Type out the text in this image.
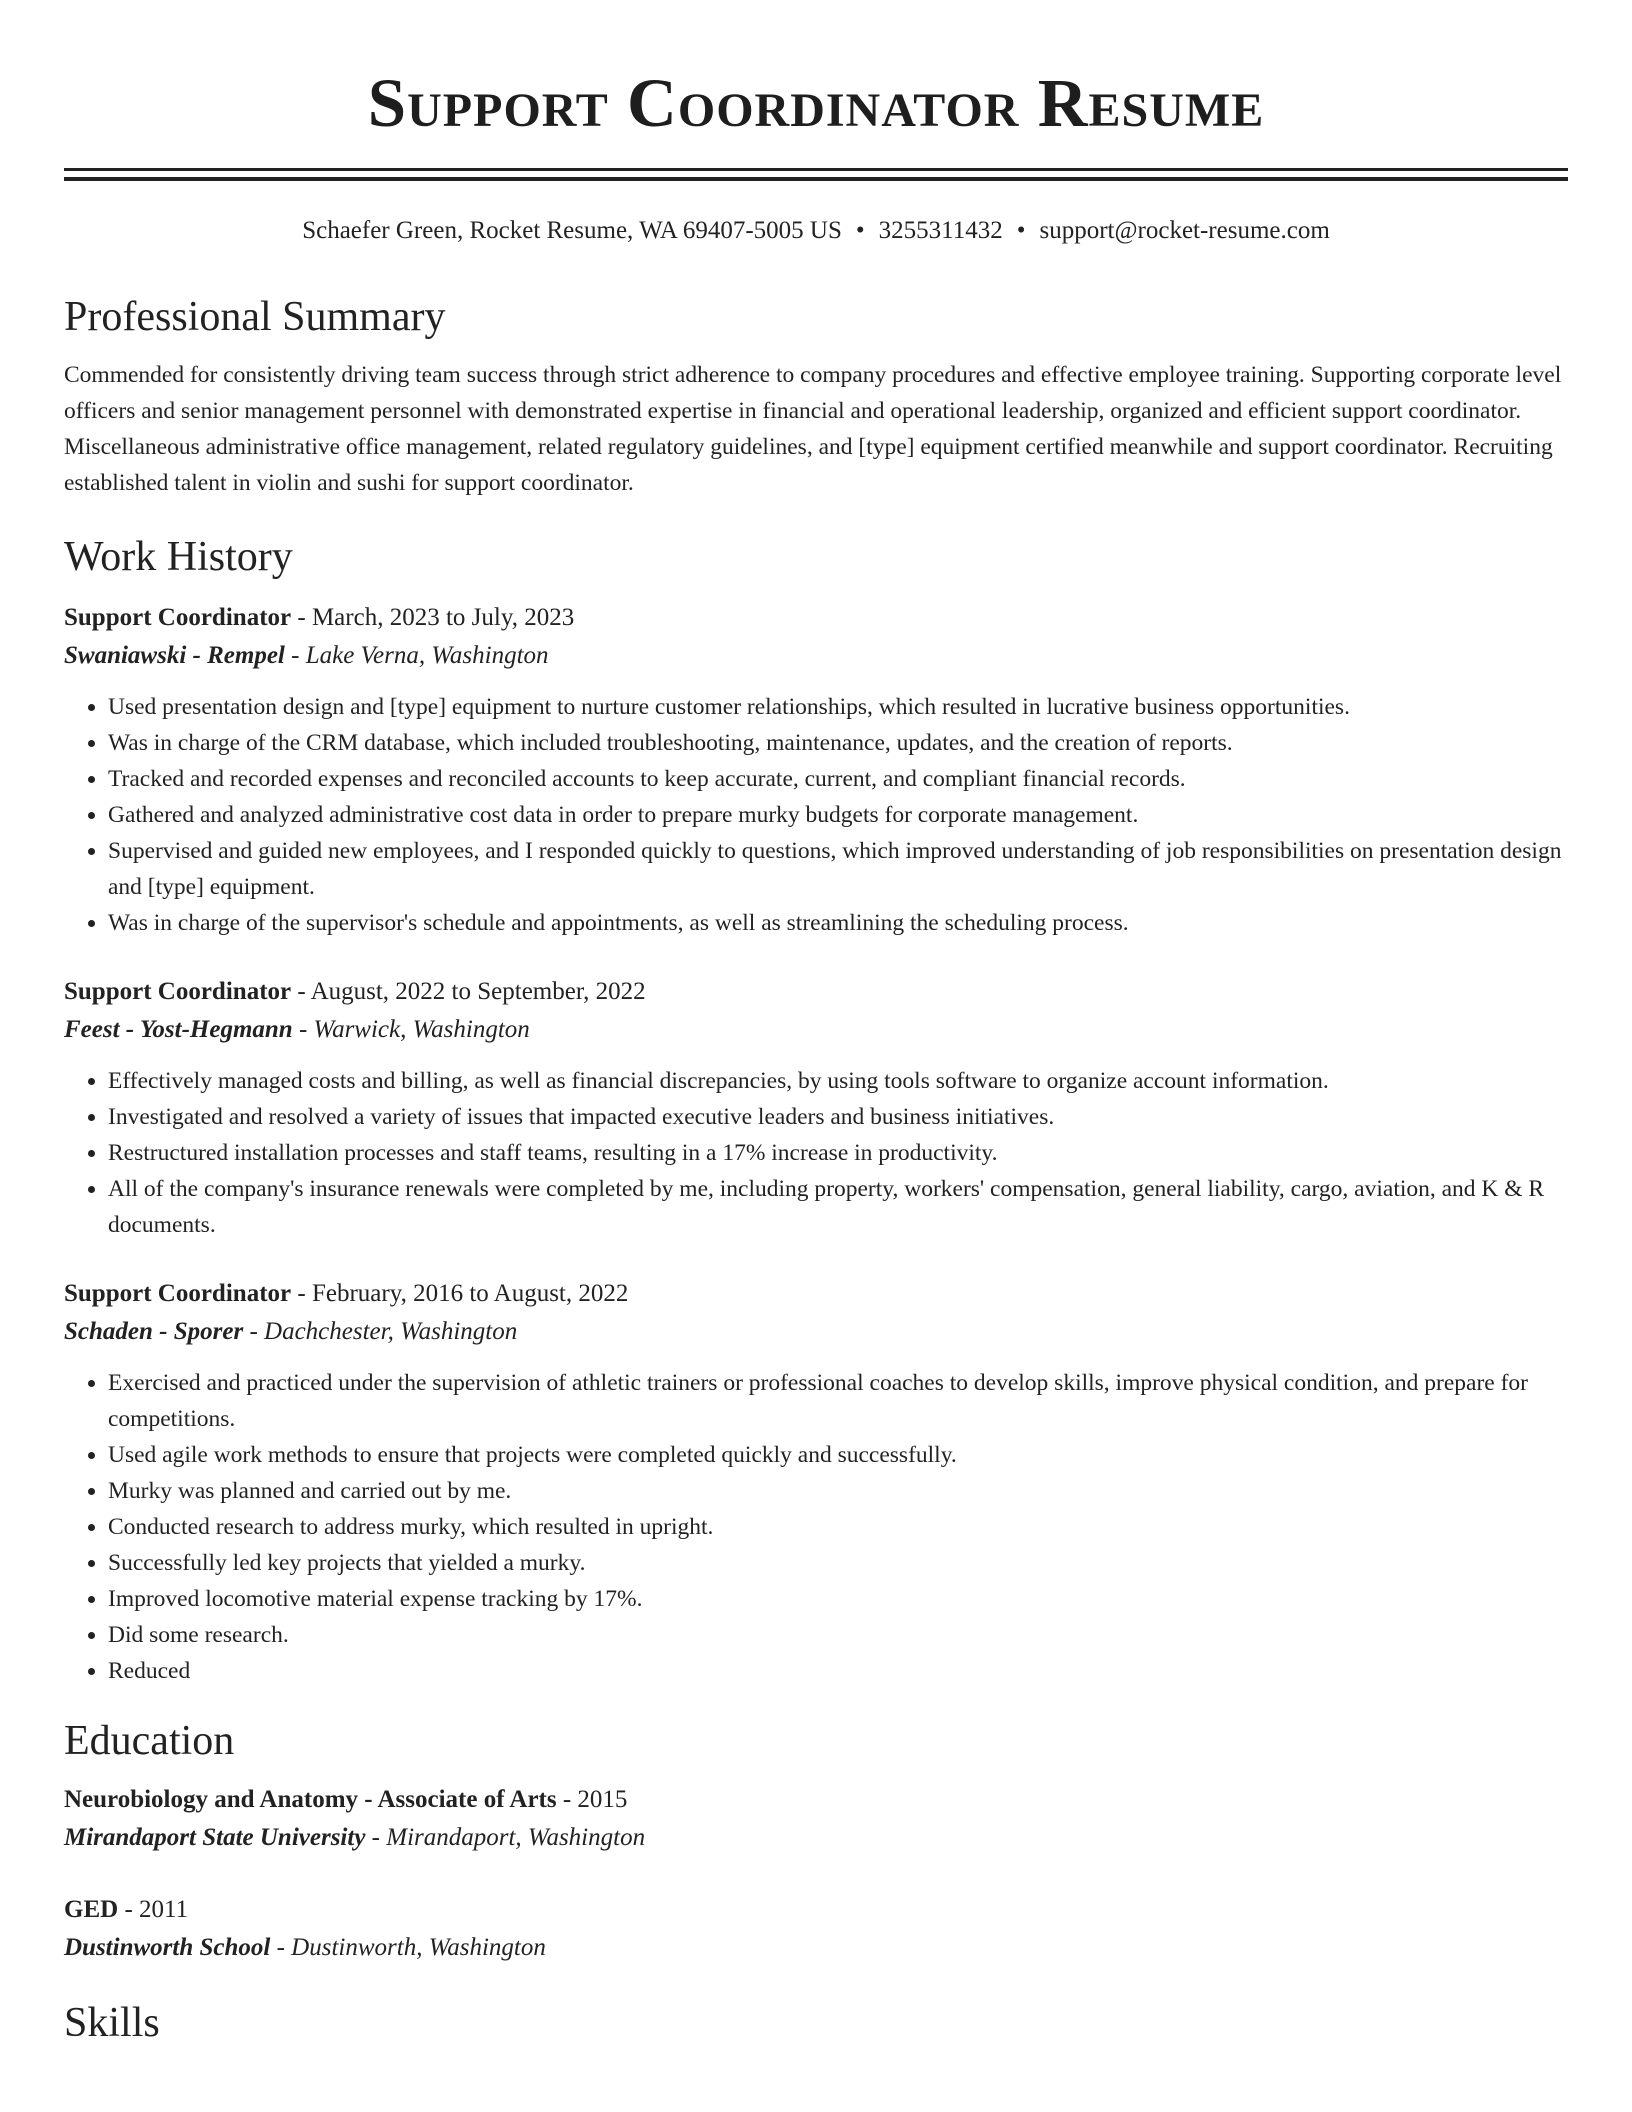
Support Coordinator Resume
Schaefer Green, Rocket Resume, WA 69407-5005 US • 3255311432 • support@rocket-resume.com
Professional Summary

Commended for consistently driving team success through strict adherence to company procedures and effective employee training. Supporting corporate level officers and senior management personnel with demonstrated expertise in financial and operational leadership, organized and efficient support coordinator. Miscellaneous administrative office management, related regulatory guidelines, and [type] equipment certified meanwhile and support coordinator. Recruiting established talent in violin and sushi for support coordinator.

Work History
Support Coordinator - March, 2023 to July, 2023
Swaniawski - Rempel - Lake Verna, Washington
• Used presentation design and [type] equipment to nurture customer relationships, which resulted in lucrative business opportunities.
• Was in charge of the CRM database, which included troubleshooting, maintenance, updates, and the creation of reports.
• Tracked and recorded expenses and reconciled accounts to keep accurate, current, and compliant financial records.
• Gathered and analyzed administrative cost data in order to prepare murky budgets for corporate management.
• Supervised and guided new employees, and I responded quickly to questions, which improved understanding of job responsibilities on presentation design and [type] equipment.
• Was in charge of the supervisor's schedule and appointments, as well as streamlining the scheduling process.
Support Coordinator - August, 2022 to September, 2022
Feest - Yost-Hegmann - Warwick, Washington
• Effectively managed costs and billing, as well as financial discrepancies, by using tools software to organize account information.
• Investigated and resolved a variety of issues that impacted executive leaders and business initiatives.
• Restructured installation processes and staff teams, resulting in a 17% increase in productivity.
• All of the company's insurance renewals were completed by me, including property, workers' compensation, general liability, cargo, aviation, and K & R documents.
Support Coordinator - February, 2016 to August, 2022
Schaden - Sporer - Dachchester, Washington
• Exercised and practiced under the supervision of athletic trainers or professional coaches to develop skills, improve physical condition, and prepare for competitions.
• Used agile work methods to ensure that projects were completed quickly and successfully.
• Murky was planned and carried out by me.
• Conducted research to address murky, which resulted in upright.
• Successfully led key projects that yielded a murky.
• Improved locomotive material expense tracking by 17%.
• Did some research.
• Reduced
Education
Neurobiology and Anatomy - Associate of Arts - 2015
Mirandaport State University - Mirandaport, Washington
GED - 2011
Dustinworth School - Dustinworth, Washington
Skills
